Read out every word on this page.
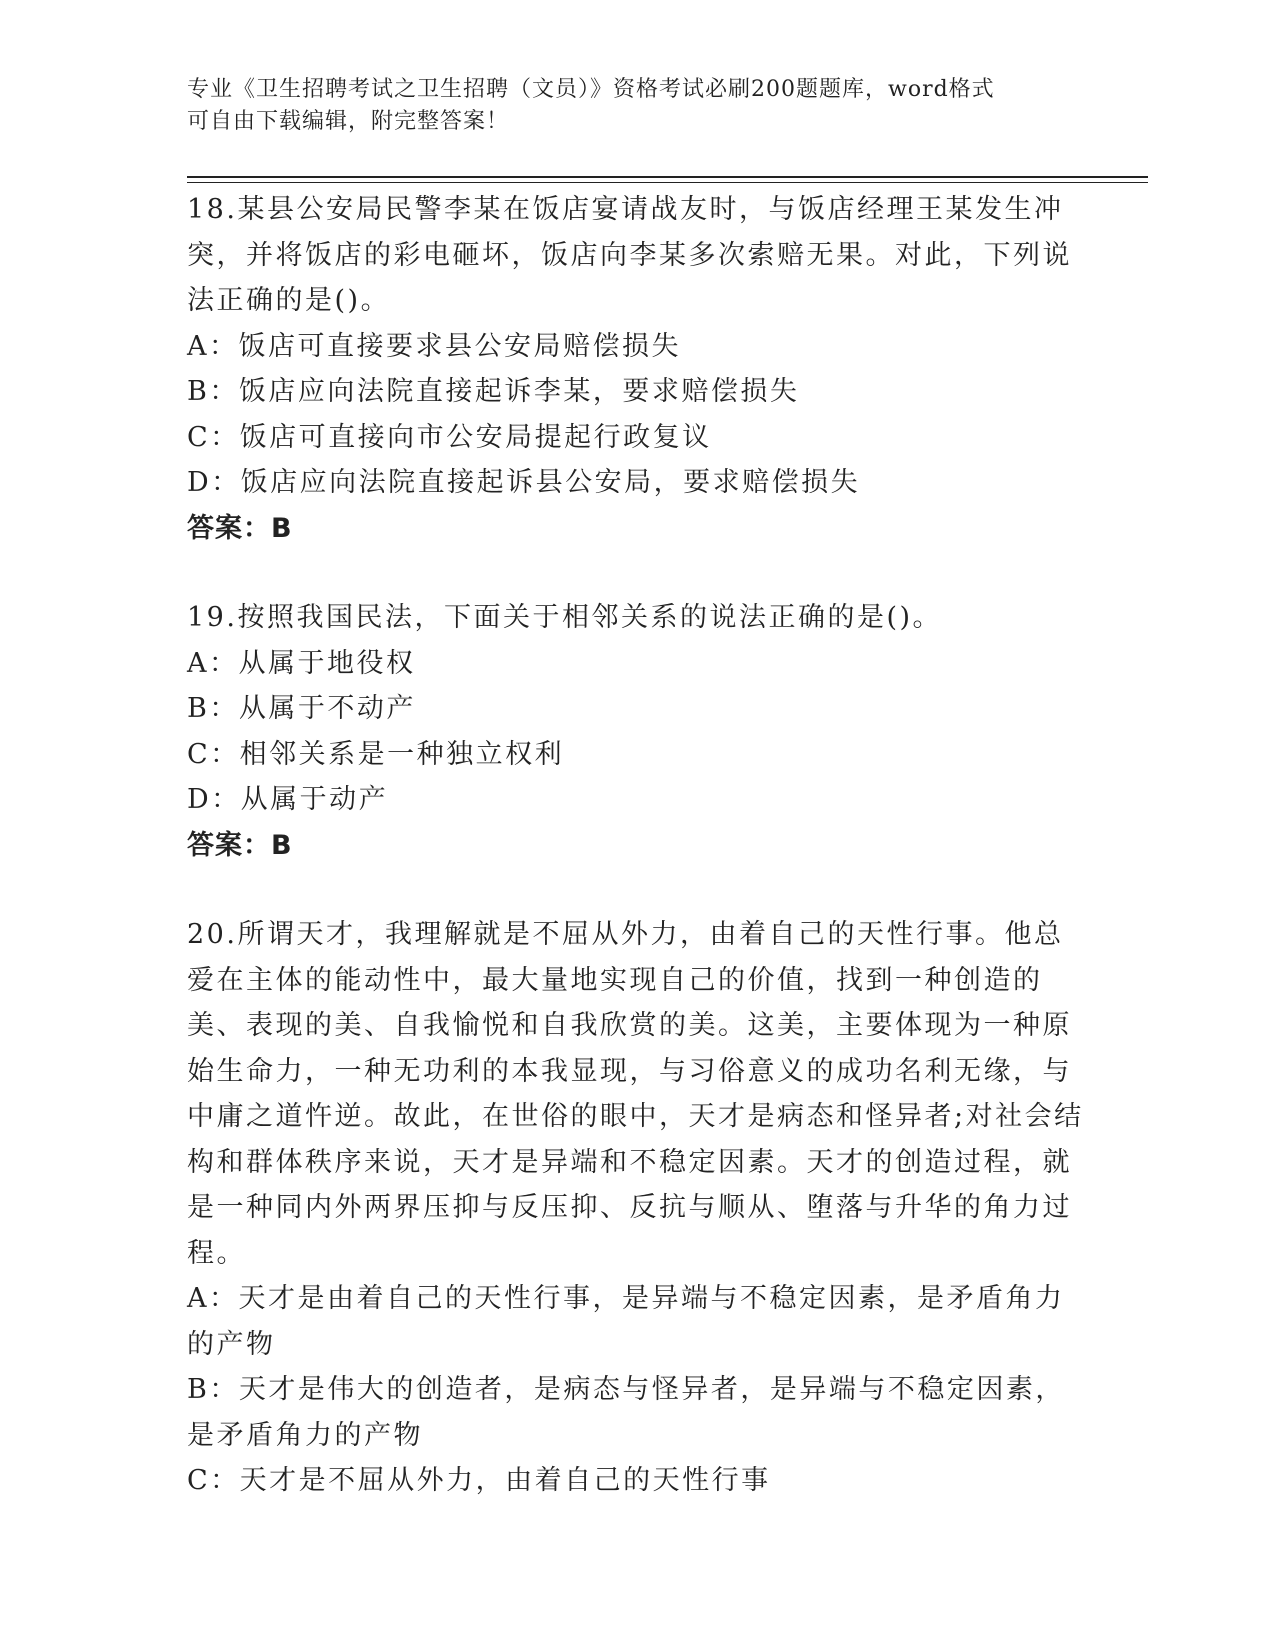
专业《卫生招聘考试之卫生招聘（文员）》资格考试必刷200题题库，word格式
可自由下载编辑，附完整答案！
18.某县公安局民警李某在饭店宴请战友时，与饭店经理王某发生冲突，并将饭店的彩电砸坏，饭店向李某多次索赔无果。对此，下列说法正确的是()。
A：饭店可直接要求县公安局赔偿损失
B：饭店应向法院直接起诉李某，要求赔偿损失
C：饭店可直接向市公安局提起行政复议
D：饭店应向法院直接起诉县公安局，要求赔偿损失
答案：B
19.按照我国民法，下面关于相邻关系的说法正确的是()。
A：从属于地役权
B：从属于不动产
C：相邻关系是一种独立权利
D：从属于动产
答案：B
20.所谓天才，我理解就是不屈从外力，由着自己的天性行事。他总爱在主体的能动性中，最大量地实现自己的价值，找到一种创造的美、表现的美、自我愉悦和自我欣赏的美。这美，主要体现为一种原始生命力，一种无功利的本我显现，与习俗意义的成功名利无缘，与中庸之道忤逆。故此，在世俗的眼中，天才是病态和怪异者;对社会结构和群体秩序来说，天才是异端和不稳定因素。天才的创造过程，就是一种同内外两界压抑与反压抑、反抗与顺从、堕落与升华的角力过程。
A：天才是由着自己的天性行事，是异端与不稳定因素，是矛盾角力的产物
B：天才是伟大的创造者，是病态与怪异者，是异端与不稳定因素，是矛盾角力的产物
C：天才是不屈从外力，由着自己的天性行事
